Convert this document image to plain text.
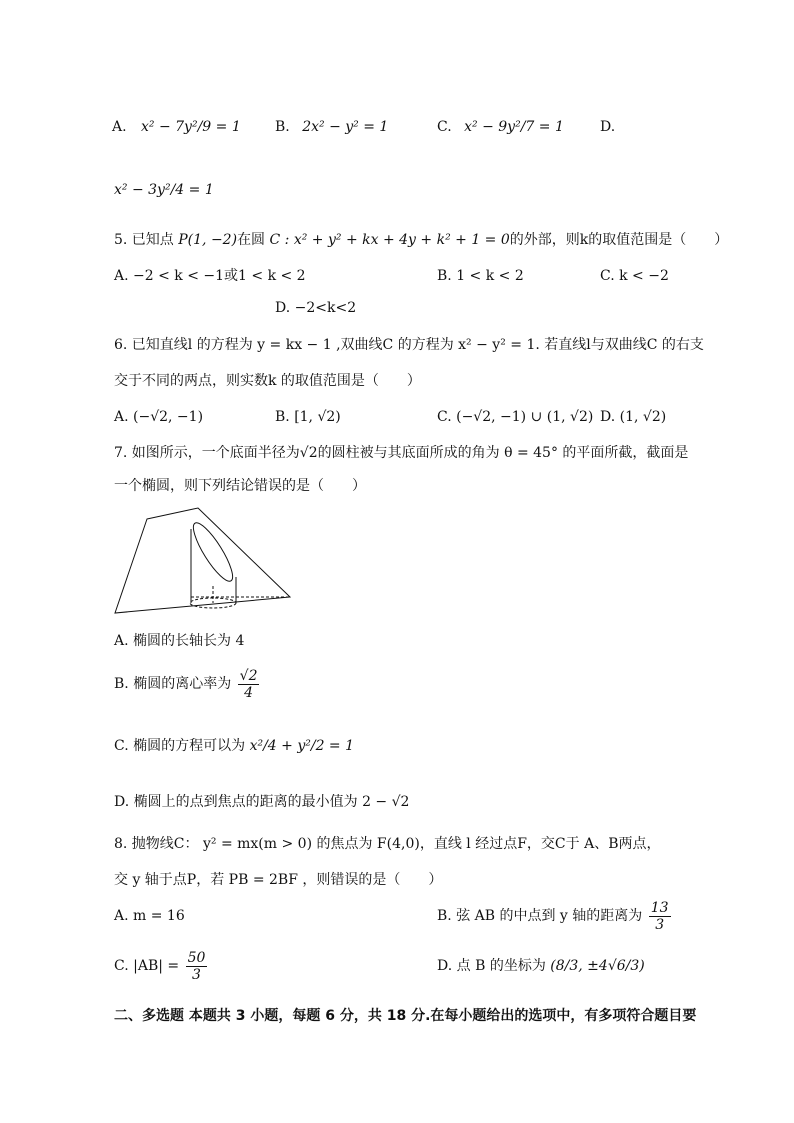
A. x² − 7y²/9 = 1 B. 2x² − y² = 1	C. x² − 9y²/7 = 1	D.
x² − 3y²/4 = 1
5. 已知点 P(1, −2)在圆 C : x² + y² + kx + 4y + k² + 1 = 0的外部，则k的取值范围是（　　）
A. −2 < k < −1或1 < k < 2	B. 1 < k < 2	C. k < −2
D. −2<k<2
6. 已知直线l 的方程为 y = kx − 1 ,双曲线C 的方程为 x² − y² = 1. 若直线l与双曲线C 的右支
交于不同的两点，则实数k 的取值范围是（　　）
A. (−√2, −1)	B. [1, √2)	C. (−√2, −1) ∪ (1, √2) D. (1, √2)
7. 如图所示，一个底面半径为√2的圆柱被与其底面所成的角为 θ = 45° 的平面所截，截面是
一个椭圆，则下列结论错误的是（　　）
A. 椭圆的长轴长为 4
B. 椭圆的离心率为 $\frac{√2}{4}$
C. 椭圆的方程可以为 x²/4 + y²/2 = 1
D. 椭圆上的点到焦点的距离的最小值为 2 − √2
8. 抛物线C： y² = mx(m > 0) 的焦点为 F(4,0)，直线 l 经过点F，交C于 A、B两点，
交 y 轴于点P，若 PB = 2BF ，则错误的是（　　）
A. m = 16	B. 弦 AB 的中点到 y 轴的距离为 $\frac{13}{3}$
C. $|AB| = \frac{50}{3}$	D. 点 B 的坐标为 (8/3, ±4√6/3)
二、多选题 本题共 3 小题，每题 6 分，共 18 分.在每小题给出的选项中，有多项符合题目要
